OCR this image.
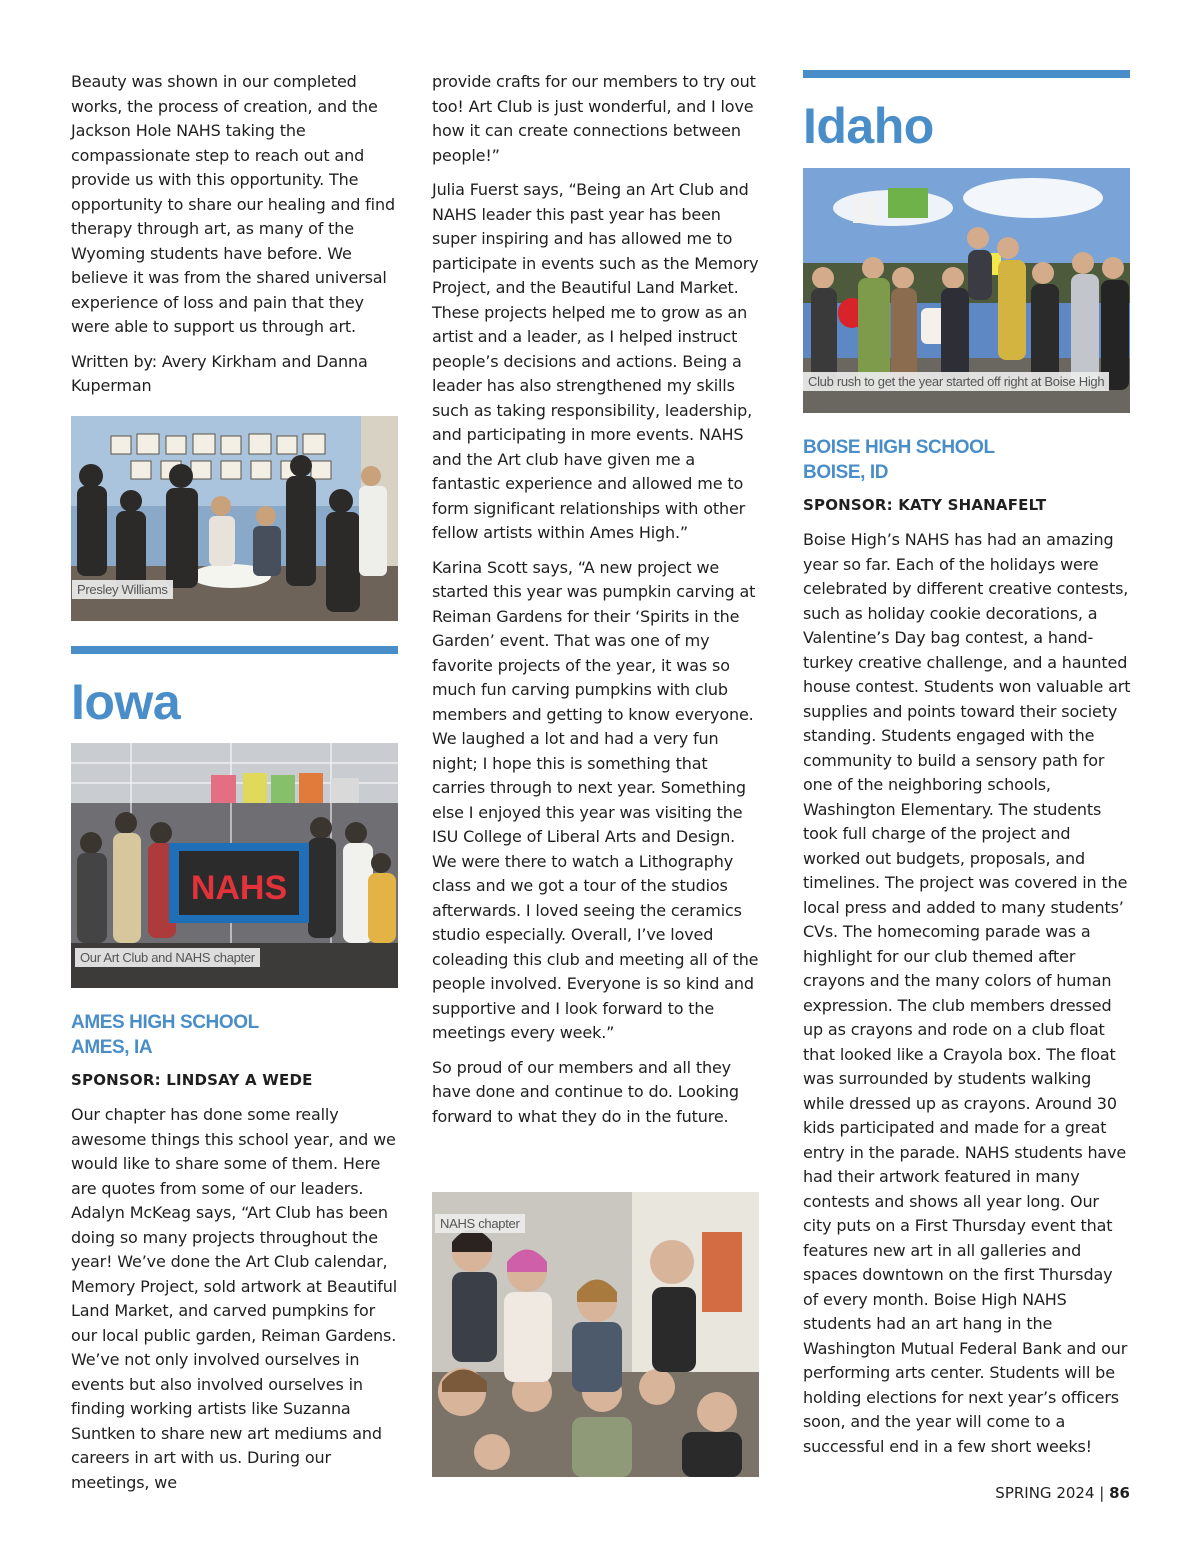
Beauty was shown in our completed works, the process of creation, and the Jackson Hole NAHS taking the compassionate step to reach out and provide us with this opportunity. The opportunity to share our healing and find therapy through art, as many of the Wyoming students have before. We believe it was from the shared universal experience of loss and pain that they were able to support us through art.

Written by: Avery Kirkham and Danna Kuperman

Presley Williams
Iowa
NAHS
Our Art Club and NAHS chapter
AMES HIGH SCHOOL
AMES, IA
SPONSOR: LINDSAY A WEDE

Our chapter has done some really awesome things this school year, and we would like to share some of them. Here are quotes from some of our leaders. Adalyn McKeag says, “Art Club has been doing so many projects throughout the year! We’ve done the Art Club calendar, Memory Project, sold artwork at Beautiful Land Market, and carved pumpkins for our local public garden, Reiman Gardens. We’ve not only involved ourselves in events but also involved ourselves in finding working artists like Suzanna Suntken to share new art mediums and careers in art with us. During our meetings, we

provide crafts for our members to try out too! Art Club is just wonderful, and I love how it can create connections between people!”

Julia Fuerst says, “Being an Art Club and NAHS leader this past year has been super inspiring and has allowed me to participate in events such as the Memory Project, and the Beautiful Land Market. These projects helped me to grow as an artist and a leader, as I helped instruct people’s decisions and actions. Being a leader has also strengthened my skills such as taking responsibility, leadership, and participating in more events. NAHS and the Art club have given me a fantastic experience and allowed me to form significant relationships with other fellow artists within Ames High.”

Karina Scott says, “A new project we started this year was pumpkin carving at Reiman Gardens for their ‘Spirits in the Garden’ event. That was one of my favorite projects of the year, it was so much fun carving pumpkins with club members and getting to know everyone. We laughed a lot and had a very fun night; I hope this is something that carries through to next year. Something else I enjoyed this year was visiting the ISU College of Liberal Arts and Design. We were there to watch a Lithography class and we got a tour of the studios afterwards. I loved seeing the ceramics studio especially. Overall, I’ve loved coleading this club and meeting all of the people involved. Everyone is so kind and supportive and I look forward to the meetings every week.”

So proud of our members and all they have done and continue to do. Looking forward to what they do in the future.

NAHS chapter
Idaho
Club rush to get the year started off right at Boise High
BOISE HIGH SCHOOL
BOISE, ID
SPONSOR: KATY SHANAFELT

Boise High’s NAHS has had an amazing year so far. Each of the holidays were celebrated by different creative contests, such as holiday cookie decorations, a Valentine’s Day bag contest, a hand-turkey creative challenge, and a haunted house contest. Students won valuable art supplies and points toward their society standing. Students engaged with the community to build a sensory path for one of the neighboring schools, Washington Elementary. The students took full charge of the project and worked out budgets, proposals, and timelines. The project was covered in the local press and added to many students’ CVs. The homecoming parade was a highlight for our club themed after crayons and the many colors of human expression. The club members dressed up as crayons and rode on a club float that looked like a Crayola box. The float was surrounded by students walking while dressed up as crayons. Around 30 kids participated and made for a great entry in the parade. NAHS students have had their artwork featured in many contests and shows all year long. Our city puts on a First Thursday event that features new art in all galleries and spaces downtown on the first Thursday of every month. Boise High NAHS students had an art hang in the Washington Mutual Federal Bank and our performing arts center. Students will be holding elections for next year’s officers soon, and the year will come to a successful end in a few short weeks!

SPRING 2024 | 86
